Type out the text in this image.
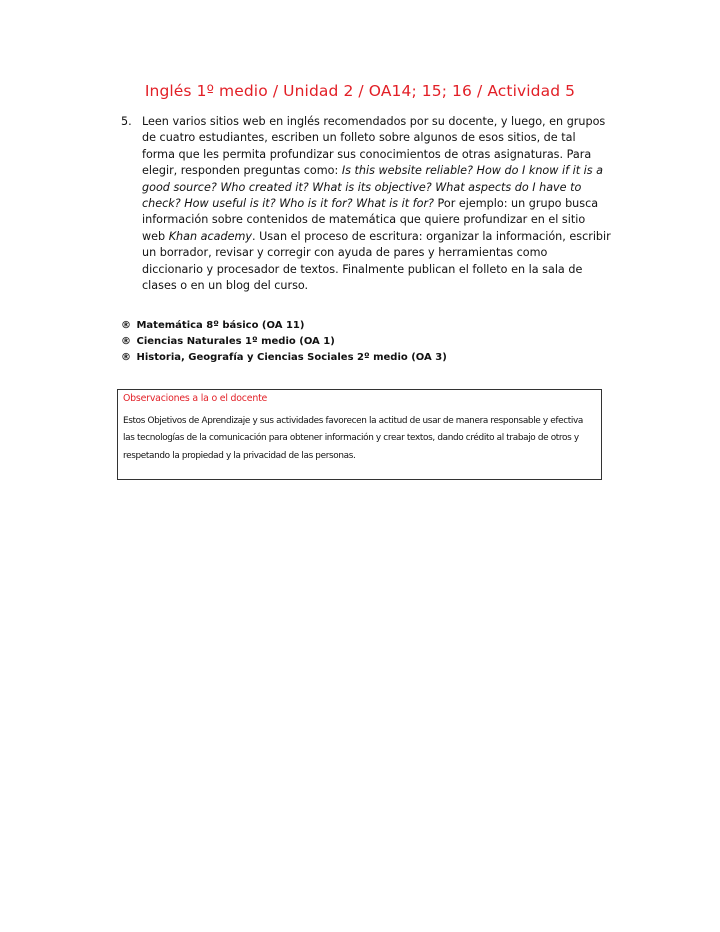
Inglés 1º medio / Unidad 2 / OA14; 15; 16 / Actividad 5
5. Leen varios sitios web en inglés recomendados por su docente, y luego, en grupos de cuatro estudiantes, escriben un folleto sobre algunos de esos sitios, de tal forma que les permita profundizar sus conocimientos de otras asignaturas. Para elegir, responden preguntas como: Is this website reliable? How do I know if it is a good source? Who created it? What is its objective? What aspects do I have to check? How useful is it? Who is it for? What is it for? Por ejemplo: un grupo busca información sobre contenidos de matemática que quiere profundizar en el sitio web Khan academy. Usan el proceso de escritura: organizar la información, escribir un borrador, revisar y corregir con ayuda de pares y herramientas como diccionario y procesador de textos. Finalmente publican el folleto en la sala de clases o en un blog del curso.
® Matemática 8º básico (OA 11)
® Ciencias Naturales 1º medio (OA 1)
® Historia, Geografía y Ciencias Sociales 2º medio (OA 3)
Observaciones a la o el docente
Estos Objetivos de Aprendizaje y sus actividades favorecen la actitud de usar de manera responsable y efectiva las tecnologías de la comunicación para obtener información y crear textos, dando crédito al trabajo de otros y respetando la propiedad y la privacidad de las personas.
